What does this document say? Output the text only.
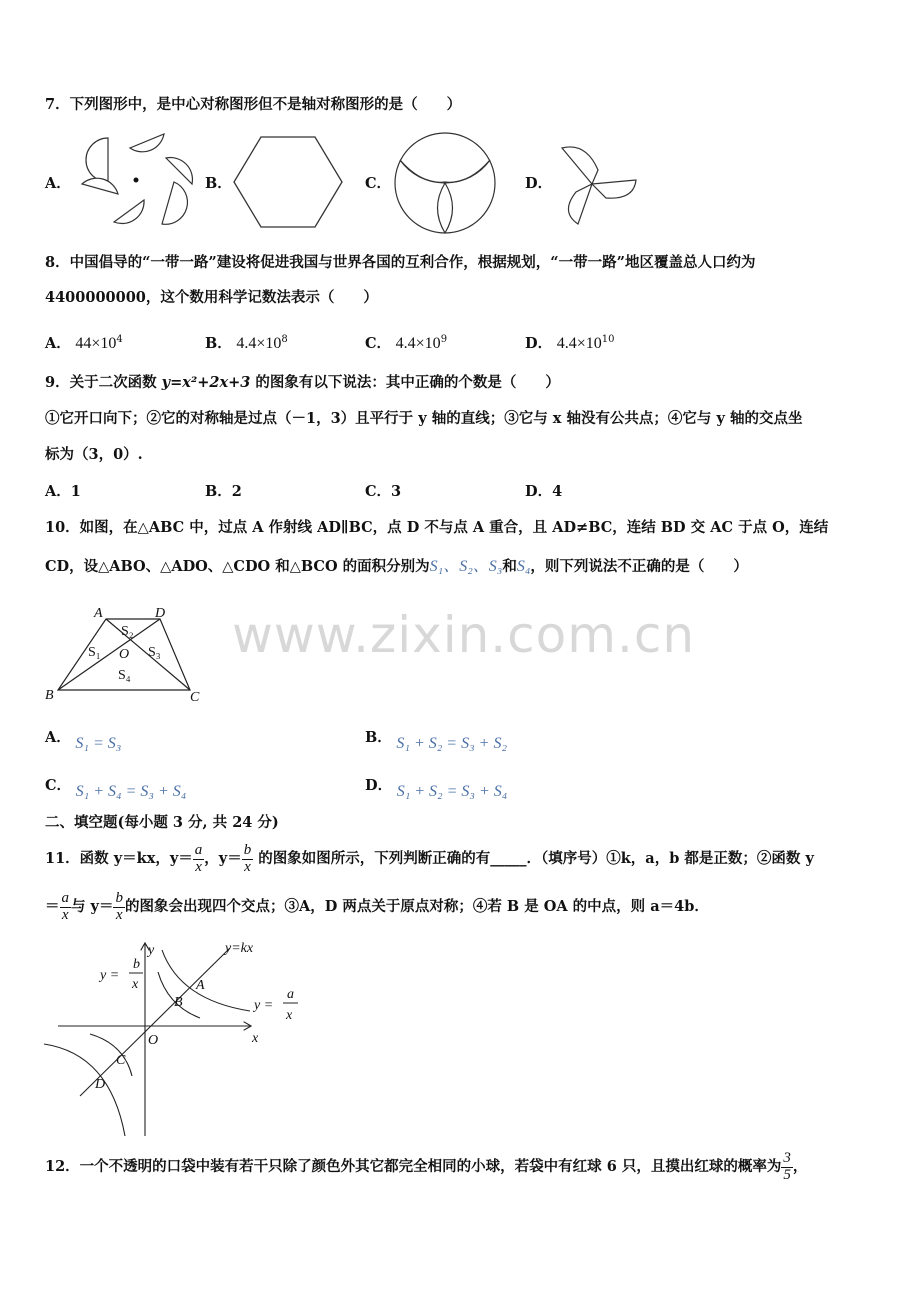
www.zixin.com.cn
7．下列图形中，是中心对称图形但不是轴对称图形的是（　　）
A．	B．	C．	D．
8．中国倡导的“一带一路”建设将促进我国与世界各国的互利合作，根据规划，“一带一路”地区覆盖总人口约为
4400000000，这个数用科学记数法表示（　　）
A． $44\times 10^4$	B． $4.4\times 10^8$	C． $4.4\times 10^9$	D． $4.4\times 10^{10}$
9．关于二次函数 y=x²+2x+3 的图象有以下说法：其中正确的个数是（　　）
①它开口向下；②它的对称轴是过点（－1，3）且平行于 y 轴的直线；③它与 x 轴没有公共点；④它与 y 轴的交点坐
标为（3，0）.
A．1	B．2	C．3	D．4
10．如图，在△ABC 中，过点 A 作射线 AD∥BC，点 D 不与点 A 重合，且 AD≠BC，连结 BD 交 AC 于点 O，连结
CD，设△ABO、△ADO、△CDO 和△BCO 的面积分别为S₁、S₂、S₃和S₄，则下列说法不正确的是（　　）
A	D
B	C
O
S₂
S₁	S₃
S₄
A． S₁ = S₃	B． S₁ + S₂ = S₃ + S₂
C． S₁ + S₄ = S₃ + S₄	D． S₁ + S₂ = S₃ + S₄
二、填空题(每小题 3 分, 共 24 分)
11．函数 y＝kx，$y= \frac{a}{x}$ ，$y= \frac{b}{x}$ 的图象如图所示，下列判断正确的有_____．（填序号）①k，a，b 都是正数；②函数 y
＝ $\frac{a}{x}$ 与 $y= \frac{b}{x}$ 的图象会出现四个交点；③A，D 两点关于原点对称；④若 B 是 OA 的中点，则 a＝4b．
y
x
O
y=kx
A
B
C
D
y =
b
x
y =
a
x
12．一个不透明的口袋中装有若干只除了颜色外其它都完全相同的小球，若袋中有红球 6 只，且摸出红球的概率为 $\frac{3}{5}$ ，
